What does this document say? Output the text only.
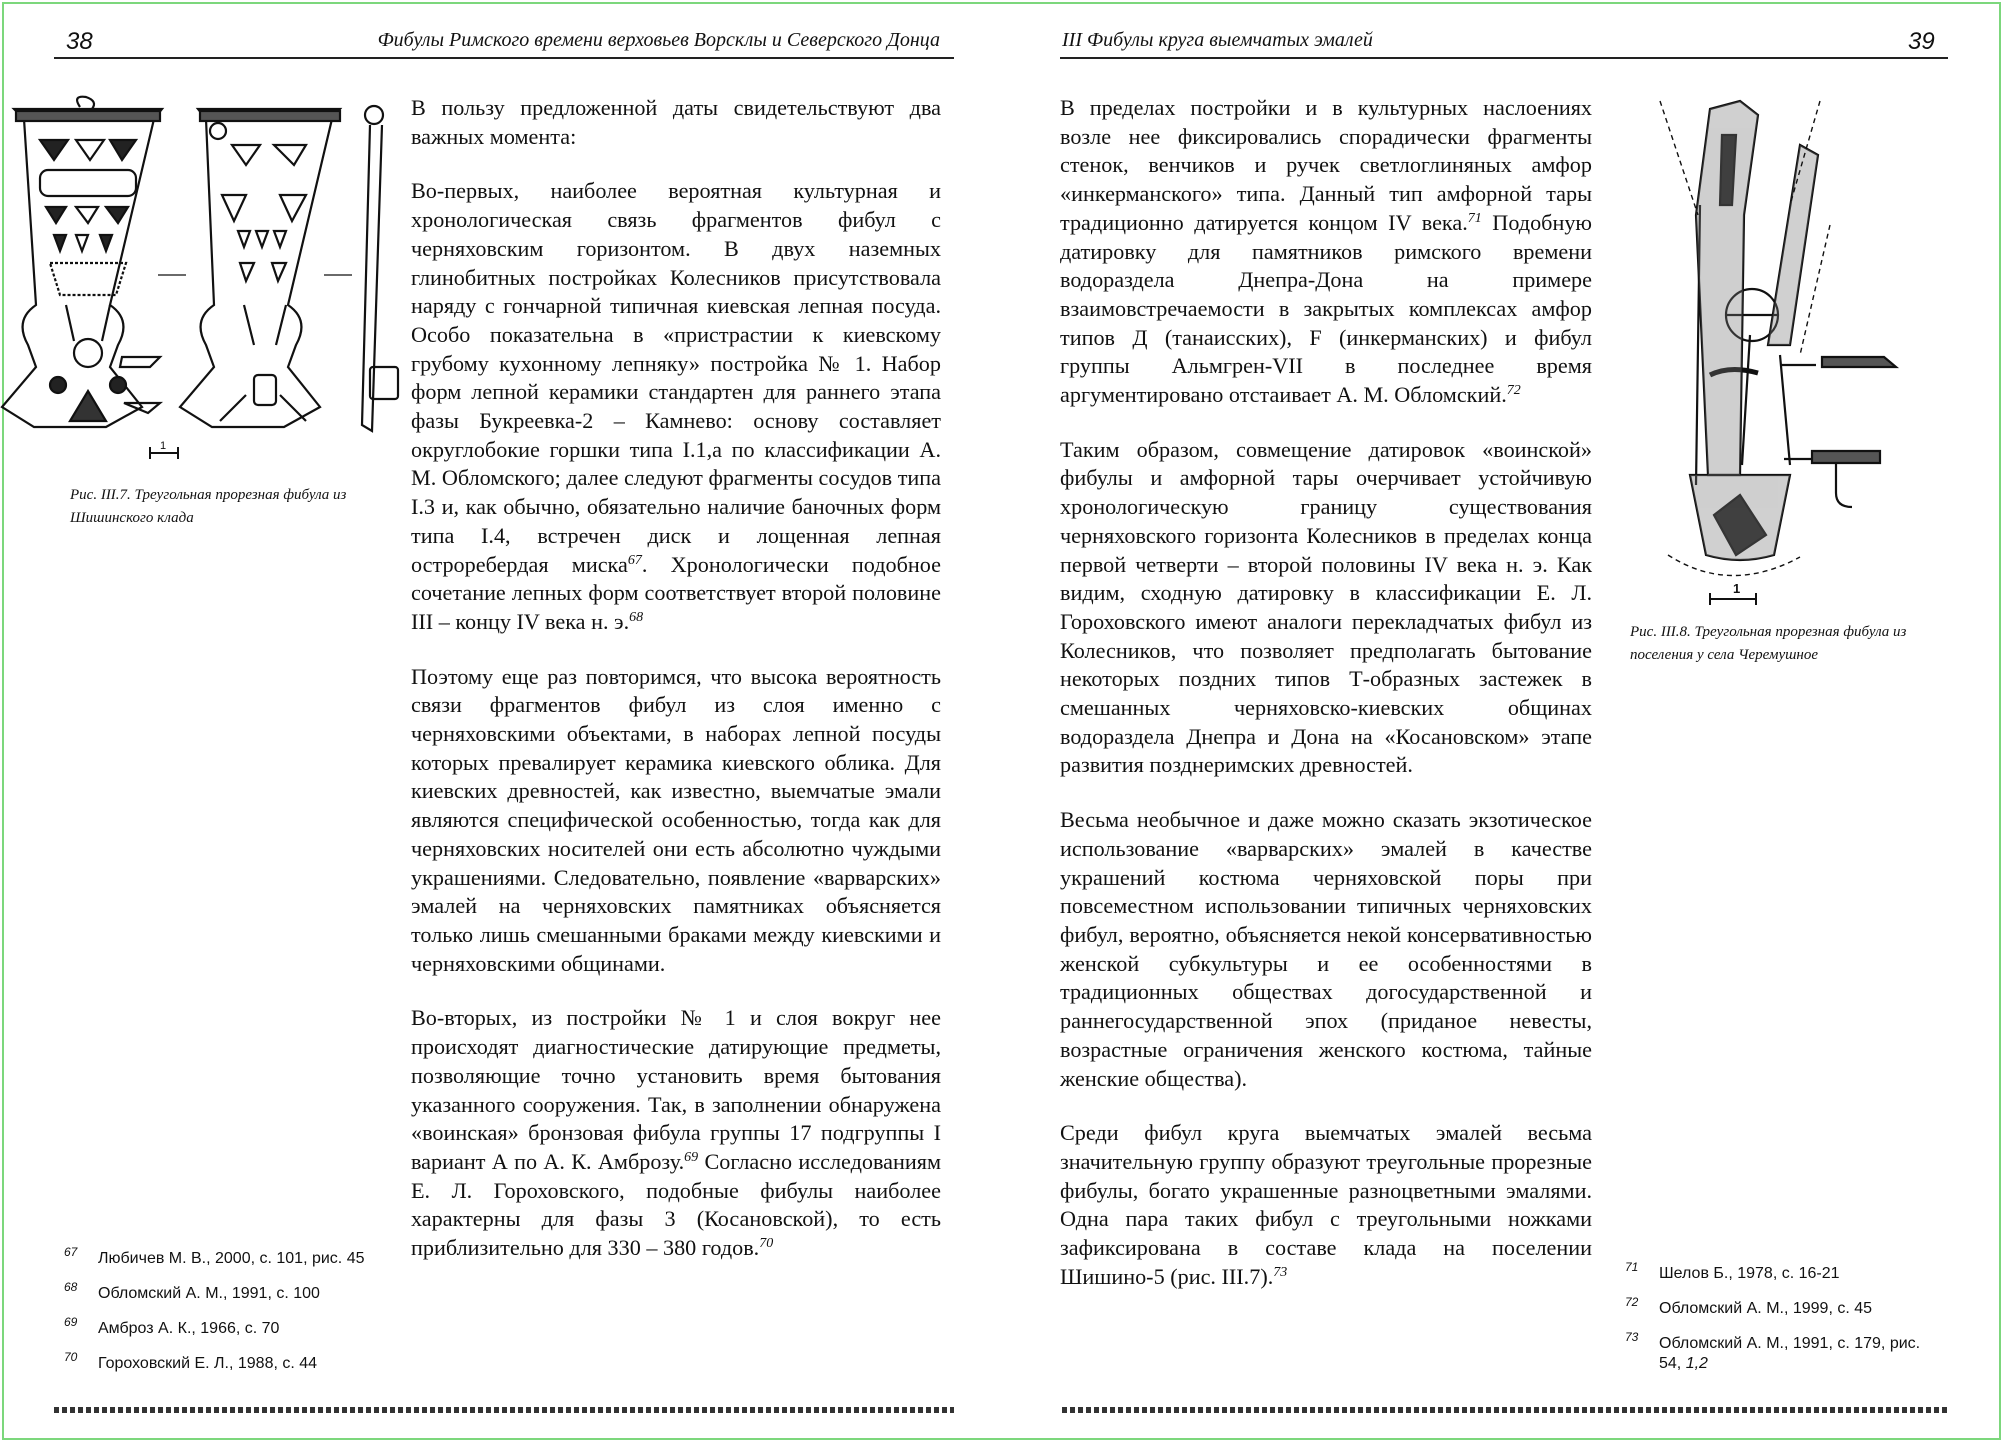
38	Фибулы Римского времени верховьев Ворсклы и Северского Донца	III Фибулы круга выемчатых эмалей	39
1
Рис. III.7. Треугольная прорезная фибула из Шишинского клада

В пользу предложенной даты свидетельствуют два важных момента:

Во-первых, наиболее вероятная культурная и хронологическая связь фрагментов фибул с черняховским горизонтом. В двух наземных глинобитных постройках Колесников присутствовала наряду с гончарной типичная киевская лепная посуда. Особо показательна в «пристрастии к киевскому грубому кухонному лепняку» постройка № 1. Набор форм лепной керамики стандартен для раннего этапа фазы Букреевка-2 – Камнево: основу составляет округлобокие горшки типа I.1,а по классификации А. М. Обломского; далее следуют фрагменты сосудов типа I.3 и, как обычно, обязательно наличие баночных форм типа I.4, встречен диск и лощенная лепная остроребердая миска$^{67}$. Хронологически подобное сочетание лепных форм соответствует второй половине III – концу IV века н. э.$^{68}$

Поэтому еще раз повторимся, что высока вероятность связи фрагментов фибул из слоя именно с черняховскими объектами, в наборах лепной посуды которых превалирует керамика киевского облика. Для киевских древностей, как известно, выемчатые эмали являются специфической особенностью, тогда как для черняховских носителей они есть абсолютно чуждыми украшениями. Следовательно, появление «варварских» эмалей на черняховских памятниках объясняется только лишь смешанными браками между киевскими и черняховскими общинами.

Во-вторых, из постройки № 1 и слоя вокруг нее происходят диагностические датирующие предметы, позволяющие точно установить время бытования указанного сооружения. Так, в заполнении обнаружена «воинская» бронзовая фибула группы 17 подгруппы I вариант А по А. К. Амброзу.$^{69}$ Согласно исследованиям Е. Л. Гороховского, подобные фибулы наиболее характерны для фазы 3 (Косановской), то есть приблизительно для 330 – 380 годов.$^{70}$

67 Любичев М. В., 2000, с. 101, рис. 45
68 Обломский А. М., 1991, с. 100
69 Амброз А. К., 1966, с. 70
70 Гороховский Е. Л., 1988, с. 44

В пределах постройки и в культурных наслоениях возле нее фиксировались спорадически фрагменты стенок, венчиков и ручек светлоглиняных амфор «инкерманского» типа. Данный тип амфорной тары традиционно датируется концом IV века.$^{71}$ Подобную датировку для памятников римского времени водораздела Днепра-Дона на примере взаимовстречаемости в закрытых комплексах амфор типов Д (танаисских), F (инкерманских) и фибул группы Альмгрен-VII в последнее время аргументировано отстаивает А. М. Обломский.$^{72}$

Таким образом, совмещение датировок «воинской» фибулы и амфорной тары очерчивает устойчивую хронологическую границу существования черняховского горизонта Колесников в пределах конца первой четверти – второй половины IV века н. э. Как видим, сходную датировку в классификации Е. Л. Гороховского имеют аналоги перекладчатых фибул из Колесников, что позволяет предполагать бытование некоторых поздних типов Т-образных застежек в смешанных черняховско-киевских общинах водораздела Днепра и Дона на «Косановском» этапе развития позднеримских древностей.

Весьма необычное и даже можно сказать экзотическое использование «варварских» эмалей в качестве украшений костюма черняховской поры при повсеместном использовании типичных черняховских фибул, вероятно, объясняется некой консервативностью женской субкультуры и ее особенностями в традиционных обществах догосударственной и раннегосударственной эпох (приданое невесты, возрастные ограничения женского костюма, тайные женские общества).

Среди фибул круга выемчатых эмалей весьма значительную группу образуют треугольные прорезные фибулы, богато украшенные разноцветными эмалями. Одна пара таких фибул с треугольными ножками зафиксирована в составе клада на поселении Шишино-5 (рис. III.7).$^{73}$

1
Рис. III.8. Треугольная прорезная фибула из поселения у села Черемушное
71 Шелов Б., 1978, с. 16-21
72 Обломский А. М., 1999, с. 45
73 Обломский А. М., 1991, с. 179, рис. 54, 1,2
